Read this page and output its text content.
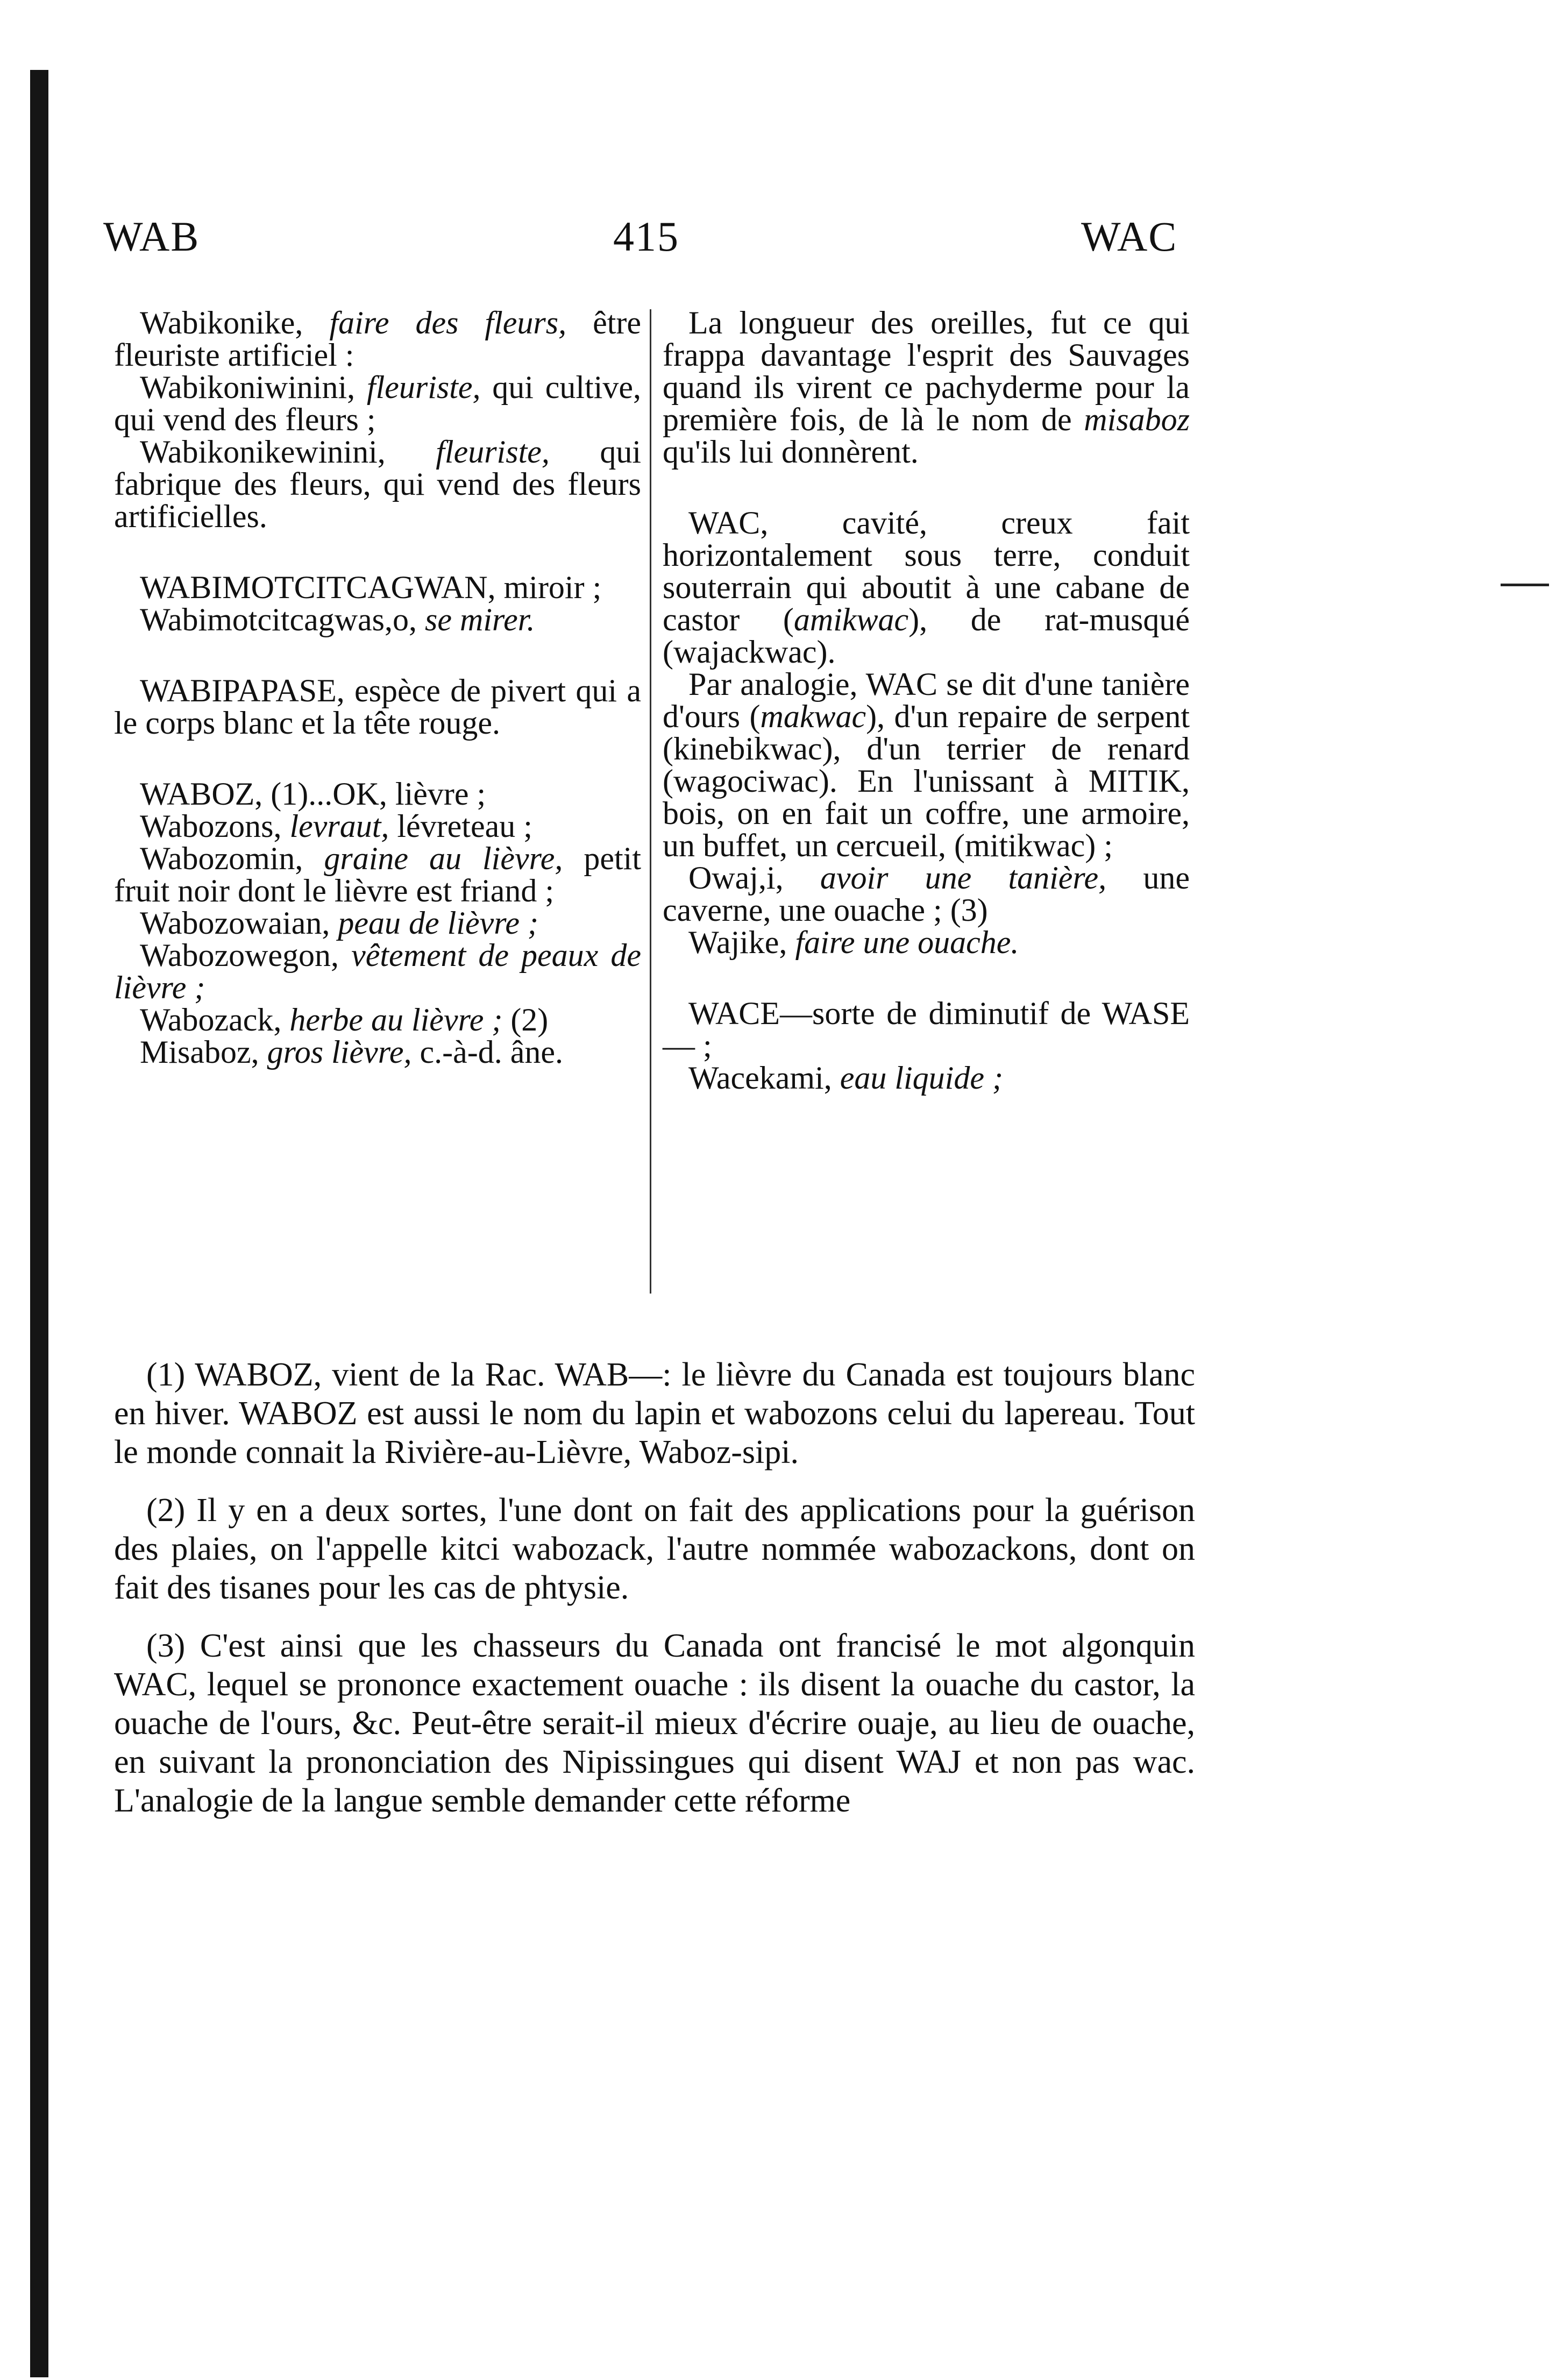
WAB	415	WAC

Wabikonike, faire des fleurs, être fleuriste artificiel :

Wabikoniwinini, fleuriste, qui cultive, qui vend des fleurs ;

Wabikonikewinini, fleuriste, qui fabrique des fleurs, qui vend des fleurs artificielles.

WABIMOTCITCAGWAN, miroir ;

Wabimotcitcagwas,o, se mirer.

WABIPAPASE, espèce de pivert qui a le corps blanc et la tête rouge.

WABOZ, (1)...OK, lièvre ;

Wabozons, levraut, lévreteau ;

Wabozomin, graine au lièvre, petit fruit noir dont le lièvre est friand ;

Wabozowaian, peau de lièvre ;

Wabozowegon, vêtement de peaux de lièvre ;

Wabozack, herbe au lièvre ; (2)

Misaboz, gros lièvre, c.-à-d. âne.

La longueur des oreilles, fut ce qui frappa davantage l'esprit des Sauvages quand ils virent ce pachyderme pour la première fois, de là le nom de misaboz qu'ils lui donnèrent.

WAC, cavité, creux fait horizontalement sous terre, conduit souterrain qui aboutit à une cabane de castor (amikwac), de rat-musqué (wajackwac).

Par analogie, WAC se dit d'une tanière d'ours (makwac), d'un repaire de serpent (kinebikwac), d'un terrier de renard (wagociwac). En l'unissant à MITIK, bois, on en fait un coffre, une armoire, un buffet, un cercueil, (mitikwac) ;

Owaj,i, avoir une tanière, une caverne, une ouache ; (3)

Wajike, faire une ouache.

WACE—sorte de diminutif de WASE— ;

Wacekami, eau liquide ;

(1) WABOZ, vient de la Rac. WAB—: le lièvre du Canada est toujours blanc en hiver. WABOZ est aussi le nom du lapin et wabozons celui du lapereau. Tout le monde connait la Rivière-au-Lièvre, Waboz-sipi.

(2) Il y en a deux sortes, l'une dont on fait des applications pour la guérison des plaies, on l'appelle kitci wabozack, l'autre nommée wabozackons, dont on fait des tisanes pour les cas de phtysie.

(3) C'est ainsi que les chasseurs du Canada ont francisé le mot algonquin WAC, lequel se prononce exactement ouache : ils disent la ouache du castor, la ouache de l'ours, &c. Peut-être serait-il mieux d'écrire ouaje, au lieu de ouache, en suivant la prononciation des Nipissingues qui disent WAJ et non pas wac. L'analogie de la langue semble demander cette réforme
